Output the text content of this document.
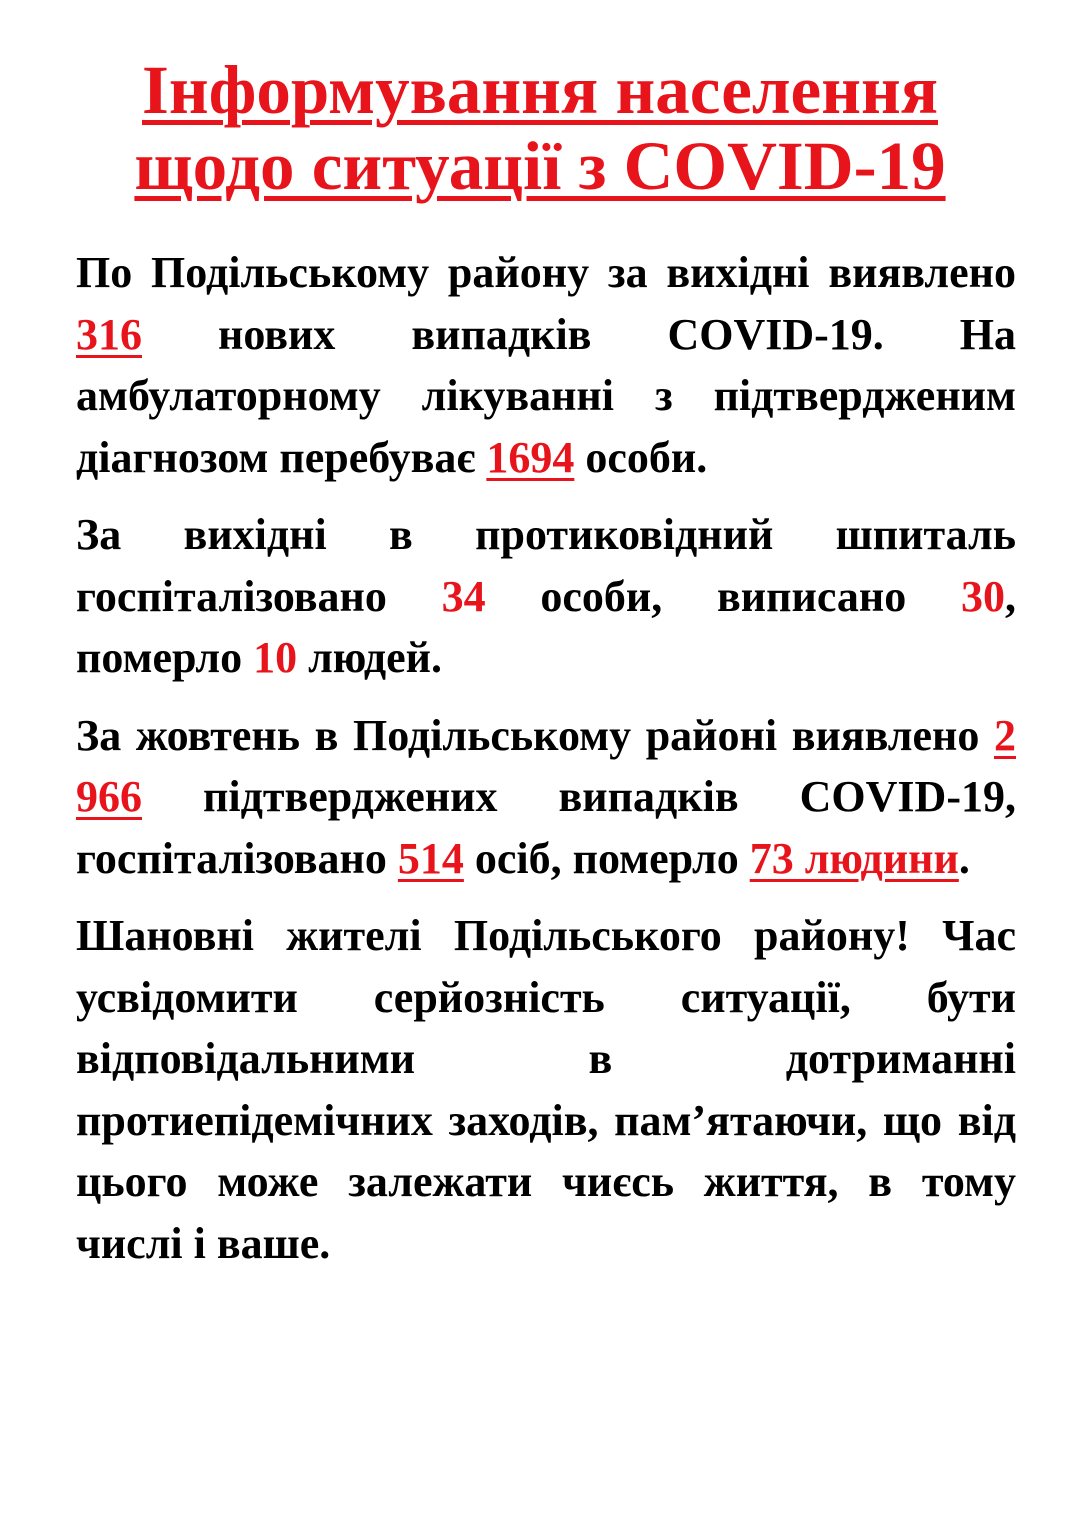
Інформування населення
щодо ситуації з COVID-19

По Подільському району за вихідні виявлено 316 нових випадків COVID-19. На амбулаторному лікуванні з підтвердженим діагнозом перебуває 1694 особи.

За вихідні в протиковідний шпиталь госпіталізовано 34 особи, виписано 30, померло 10 людей.

За жовтень в Подільському районі виявлено 2 966 підтверджених випадків COVID-19, госпіталізовано 514 осіб, померло 73 людини.

Шановні жителі Подільського району! Час усвідомити серйозність ситуації, бути відповідальними в дотриманні протиепідемічних заходів, пам’ятаючи, що від цього може залежати чиєсь життя, в тому числі і ваше.
